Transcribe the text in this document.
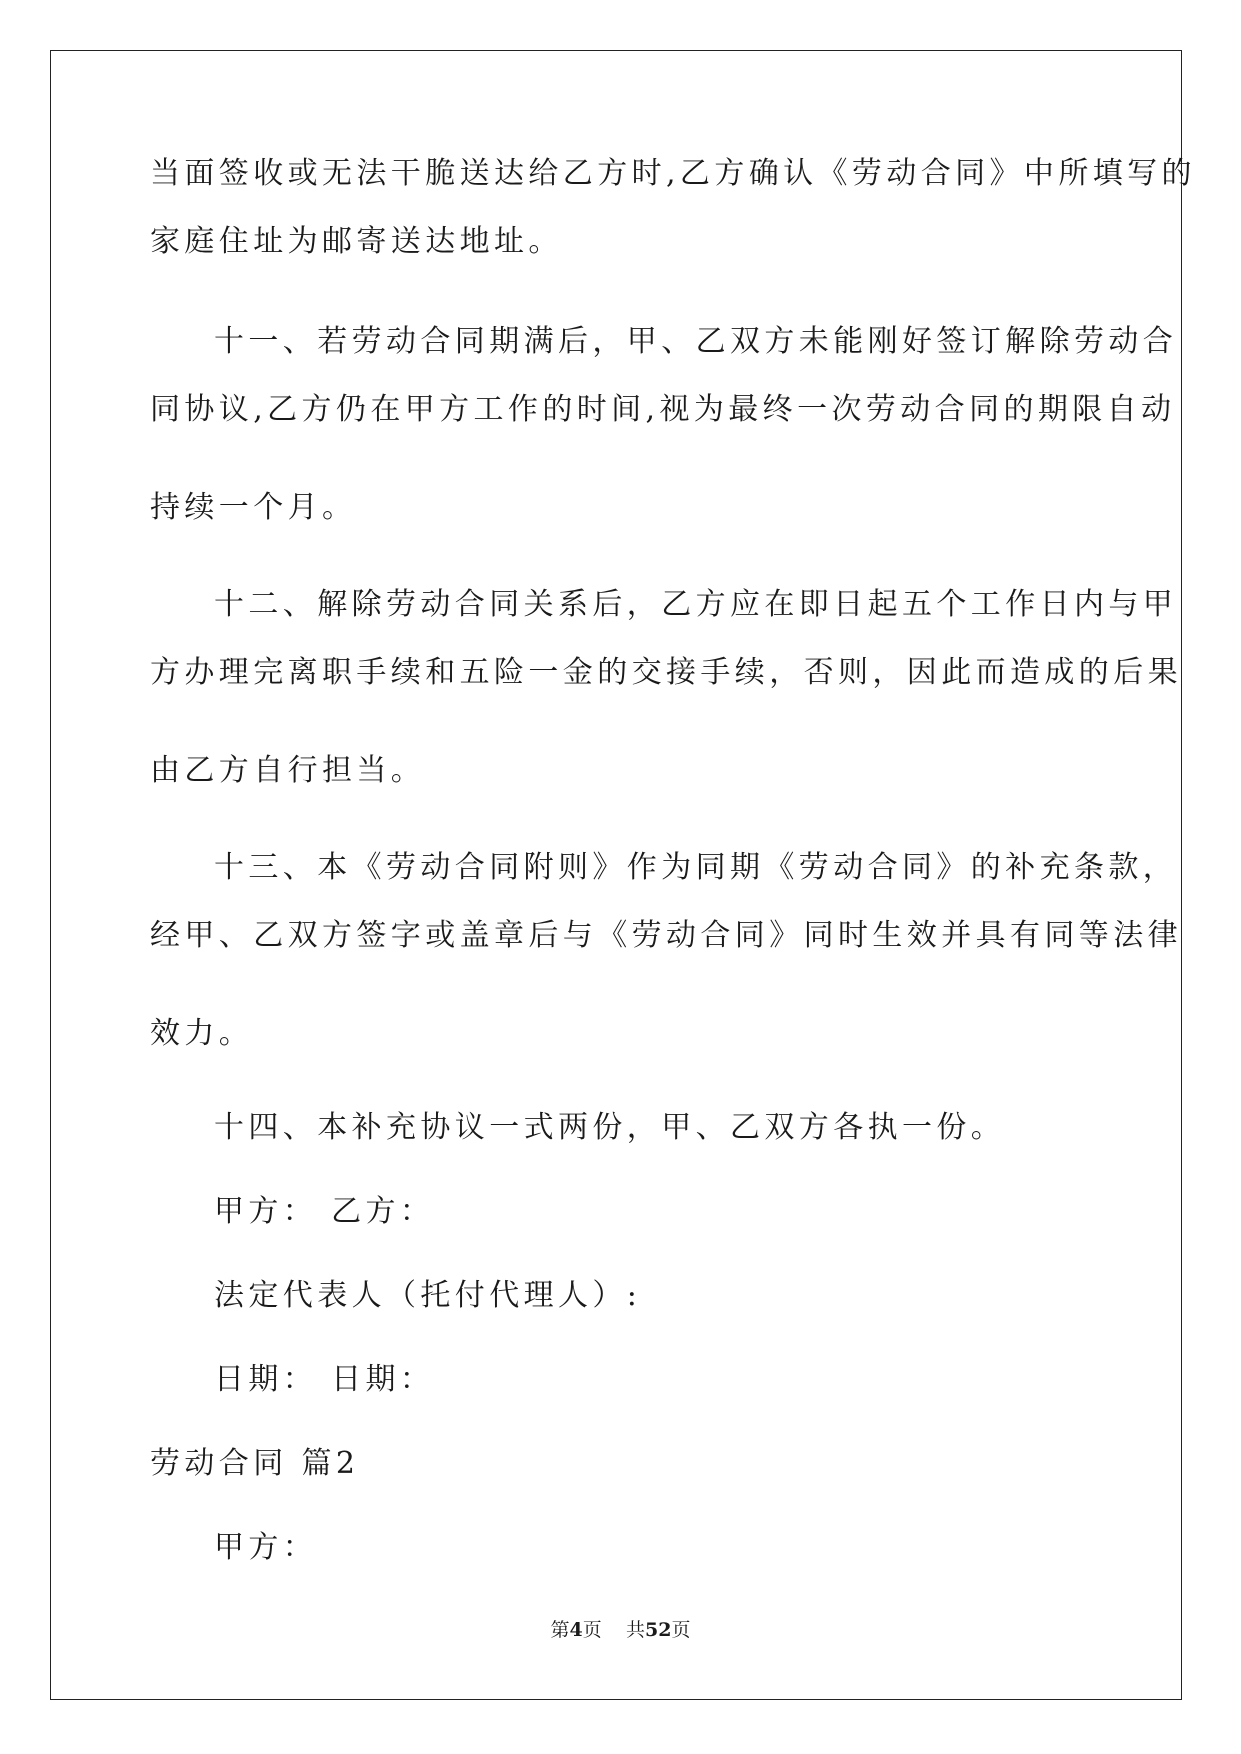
当面签收或无法干脆送达给乙方时,乙方确认《劳动合同》中所填写的
家庭住址为邮寄送达地址。
十一、若劳动合同期满后，甲、乙双方未能刚好签订解除劳动合
同协议,乙方仍在甲方工作的时间,视为最终一次劳动合同的期限自动
持续一个月。
十二、解除劳动合同关系后，乙方应在即日起五个工作日内与甲
方办理完离职手续和五险一金的交接手续，否则，因此而造成的后果
由乙方自行担当。
十三、本《劳动合同附则》作为同期《劳动合同》的补充条款，
经甲、乙双方签字或盖章后与《劳动合同》同时生效并具有同等法律
效力。
十四、本补充协议一式两份，甲、乙双方各执一份。
甲方： 乙方：
法定代表人（托付代理人）:
日期： 日期：
劳动合同 篇2
甲方：
第4页 共52页
